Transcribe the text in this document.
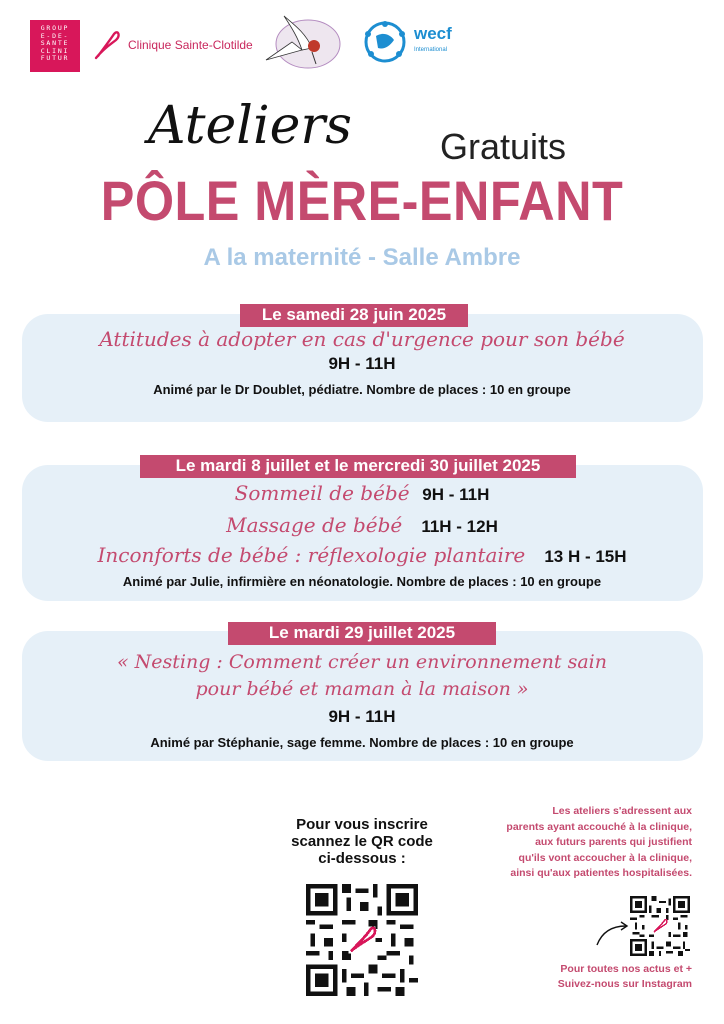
GROUP
E-DE-
SANTE
CLINI
FUTUR
Clinique Sainte-Clotilde
wecf
International
Ateliers Gratuits
PÔLE MÈRE-ENFANT
A la maternité - Salle Ambre
Le samedi 28 juin 2025
Attitudes à adopter en cas d'urgence pour son bébé
9H - 11H
Animé par le Dr Doublet, pédiatre. Nombre de places : 10 en groupe
Le mardi 8 juillet et le mercredi 30 juillet 2025
Sommeil de bébé 9H - 11H
Massage de bébé 11H - 12H
Inconforts de bébé : réflexologie plantaire 13 H - 15H
Animé par Julie, infirmière en néonatologie. Nombre de places : 10 en groupe
Le mardi 29 juillet 2025
« Nesting : Comment créer un environnement sain
pour bébé et maman à la maison »
9H - 11H
Animé par Stéphanie, sage femme. Nombre de places : 10 en groupe
Pour vous inscrire
scannez le QR code
ci-dessous :
Les ateliers s'adressent aux
parents ayant accouché à la clinique,
aux futurs parents qui justifient
qu'ils vont accoucher à la clinique,
ainsi qu'aux patientes hospitalisées.
Pour toutes nos actus et +
Suivez-nous sur Instagram
